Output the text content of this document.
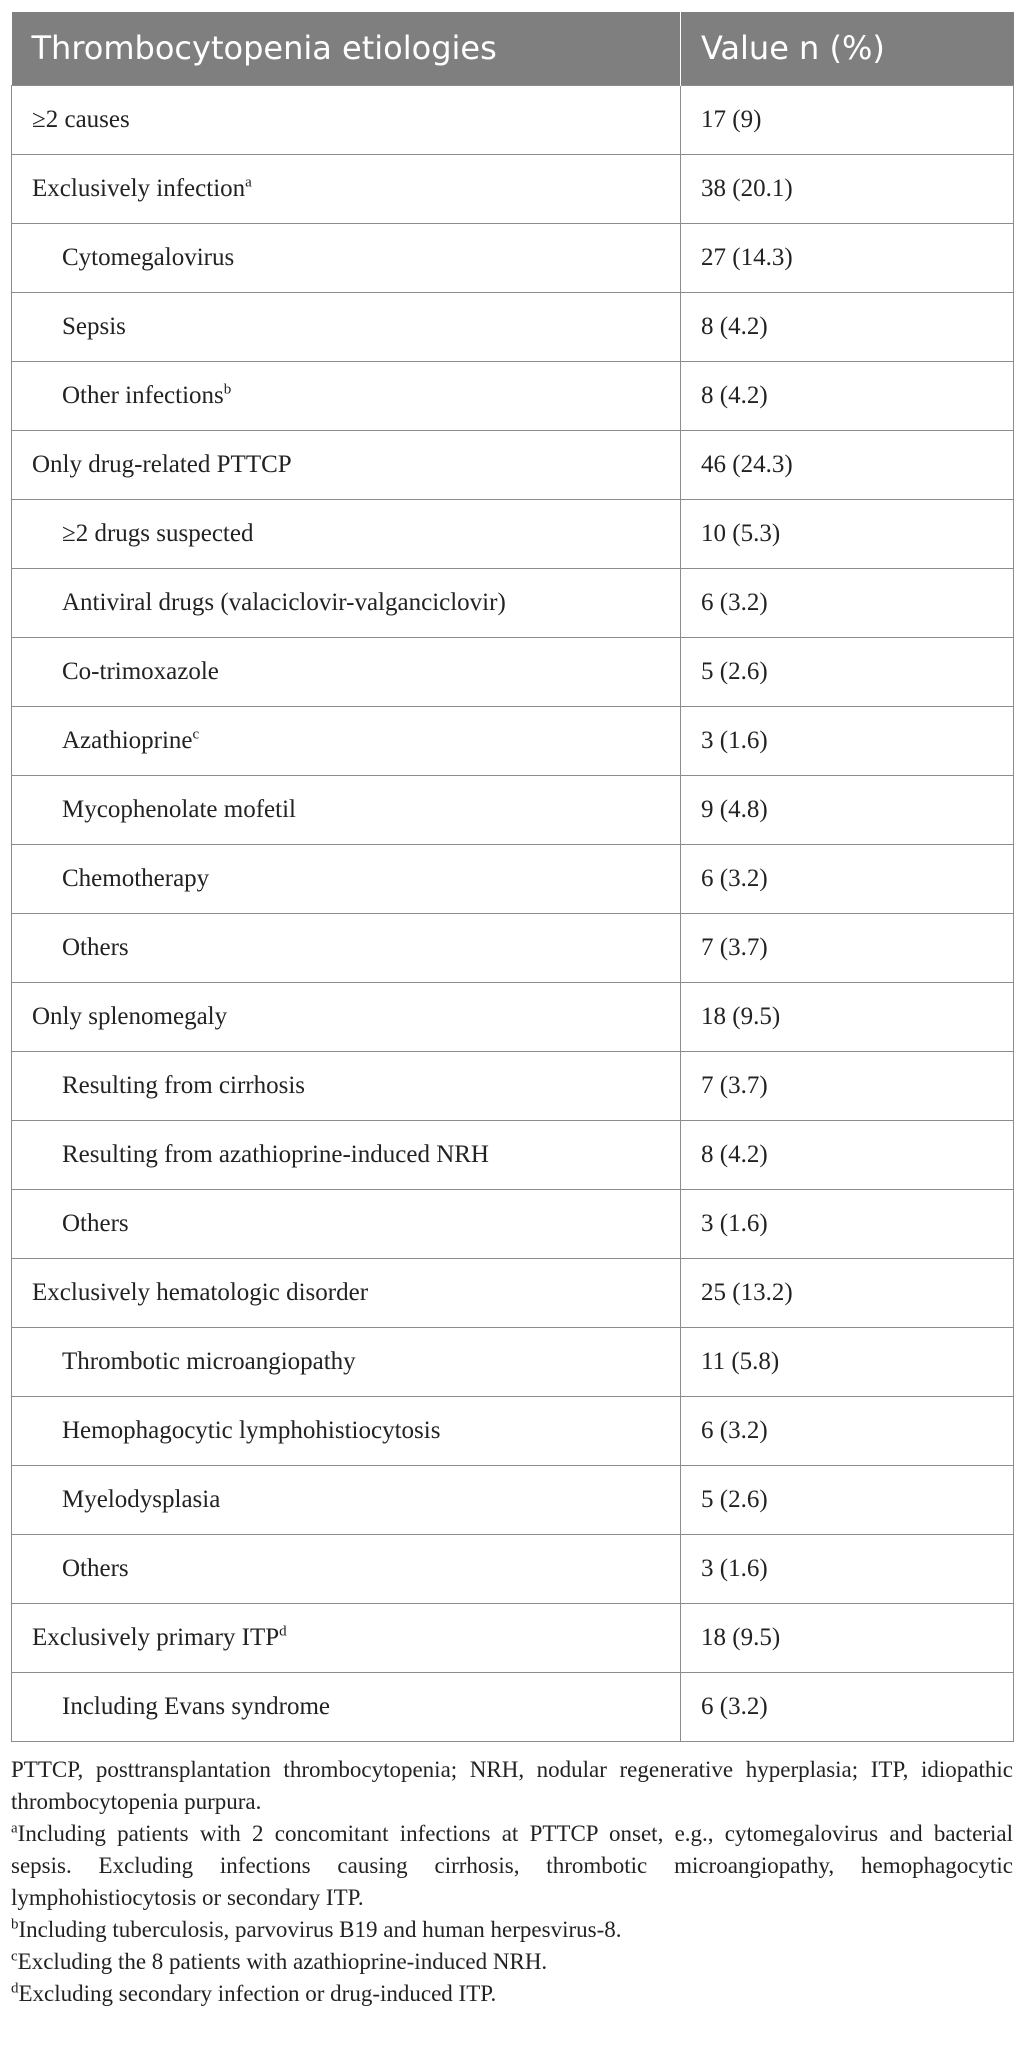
Thrombocytopenia etiologies	Value n (%)
≥2 causes	17 (9)
Exclusively infection$^a$	38 (20.1)
Cytomegalovirus	27 (14.3)
Sepsis	8 (4.2)
Other infections$^b$	8 (4.2)
Only drug-related PTTCP	46 (24.3)
≥2 drugs suspected	10 (5.3)
Antiviral drugs (valaciclovir-valganciclovir)	6 (3.2)
Co-trimoxazole	5 (2.6)
Azathioprine$^c$	3 (1.6)
Mycophenolate mofetil	9 (4.8)
Chemotherapy	6 (3.2)
Others	7 (3.7)
Only splenomegaly	18 (9.5)
Resulting from cirrhosis	7 (3.7)
Resulting from azathioprine-induced NRH	8 (4.2)
Others	3 (1.6)
Exclusively hematologic disorder	25 (13.2)
Thrombotic microangiopathy	11 (5.8)
Hemophagocytic lymphohistiocytosis	6 (3.2)
Myelodysplasia	5 (2.6)
Others	3 (1.6)
Exclusively primary ITP$^d$	18 (9.5)
Including Evans syndrome	6 (3.2)

PTTCP, posttransplantation thrombocytopenia; NRH, nodular regenerative hyperplasia; ITP, idiopathic thrombocytopenia purpura.

$^a$Including patients with 2 concomitant infections at PTTCP onset, e.g., cytomegalovirus and bacterial sepsis. Excluding infections causing cirrhosis, thrombotic microangiopathy, hemophagocytic lymphohistiocytosis or secondary ITP.

$^b$Including tuberculosis, parvovirus B19 and human herpesvirus-8.

$^c$Excluding the 8 patients with azathioprine-induced NRH.

$^d$Excluding secondary infection or drug-induced ITP.
